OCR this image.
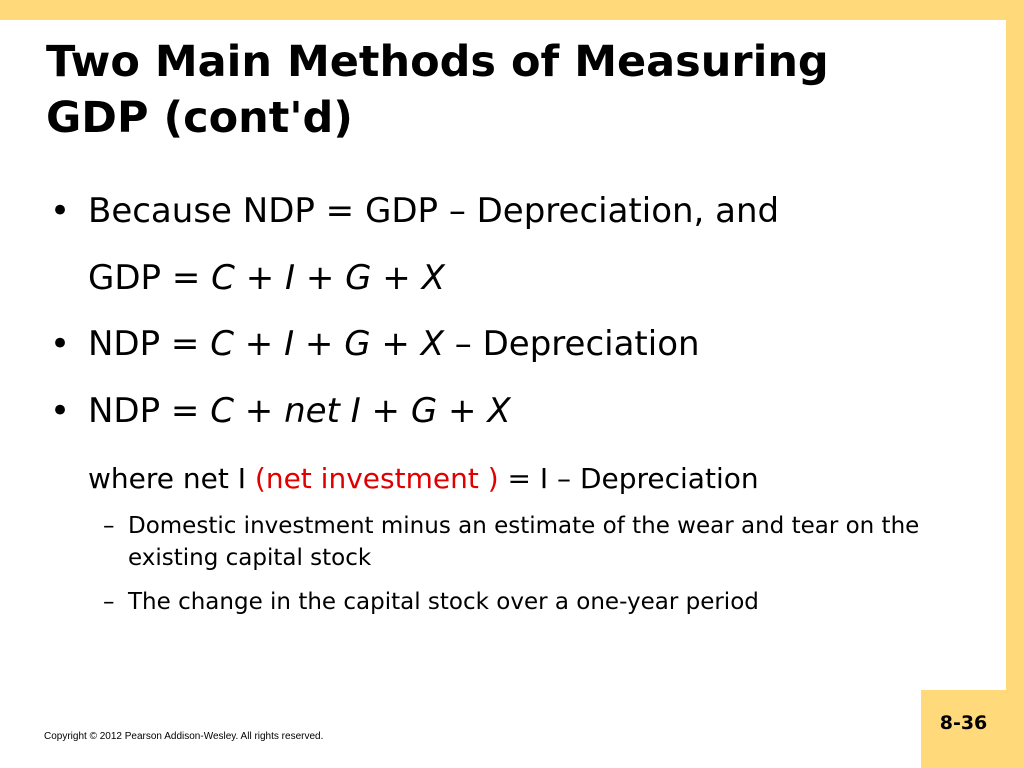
8-36
Two Main Methods of Measuring
GDP (cont'd)
• Because NDP = GDP – Depreciation, and
GDP = C + I + G + X
• NDP = C + I + G + X – Depreciation
• NDP = C + net I + G + X
where net I (net investment ) = I – Depreciation
– Domestic investment minus an estimate of the wear and tear on the existing capital stock
– The change in the capital stock over a one-year period
Copyright © 2012 Pearson Addison-Wesley. All rights reserved.
